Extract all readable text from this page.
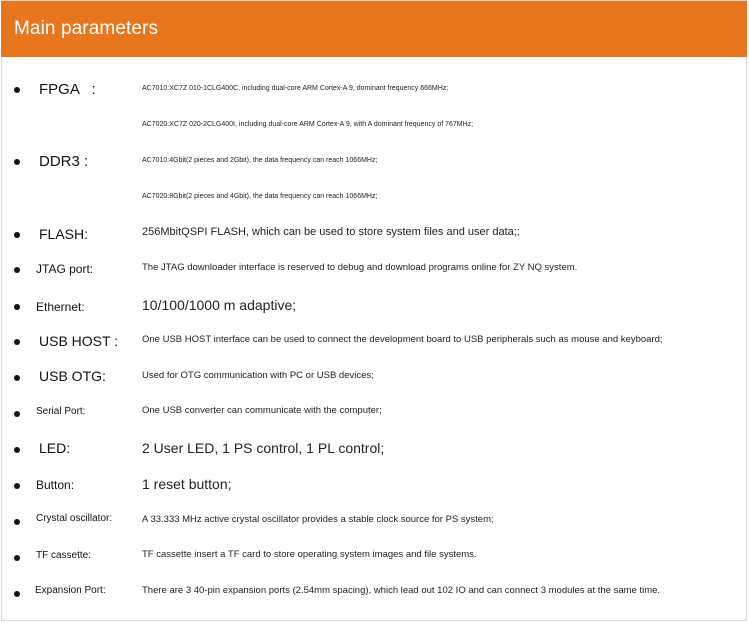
Main parameters
FPGA   :	AC7010:XC7Z 010-1CLG400C, including dual-core ARM Cortex-A 9, dominant frequency 666MHz;
AC7020:XC7Z 020-2CLG400I, including dual-core ARM Cortex-A 9, with A dominant frequency of 767MHz;
DDR3 :	AC7010:4Gbit(2 pieces and 2Gbit), the data frequency can reach 1066MHz;
AC7020:8Gbit(2 pieces and 4Gbit), the data frequency can reach 1066MHz;
FLASH:	256MbitQSPI FLASH, which can be used to store system files and user data;;
JTAG port:	The JTAG downloader interface is reserved to debug and download programs online for ZY NQ system.
Ethernet:	10/100/1000 m adaptive;
USB HOST :	One USB HOST interface can be used to connect the development board to USB peripherals such as mouse and keyboard;
USB OTG:	Used for OTG communication with PC or USB devices;
Serial Port:	One USB converter can communicate with the computer;
LED:	2 User LED, 1 PS control, 1 PL control;
Button:	1 reset button;
Crystal oscillator:	A 33.333 MHz active crystal oscillator provides a stable clock source for PS system;
TF cassette:	TF cassette insert a TF card to store operating system images and file systems.
Expansion Port:	There are 3 40-pin expansion ports (2.54mm spacing), which lead out 102 IO and can connect 3 modules at the same time.
